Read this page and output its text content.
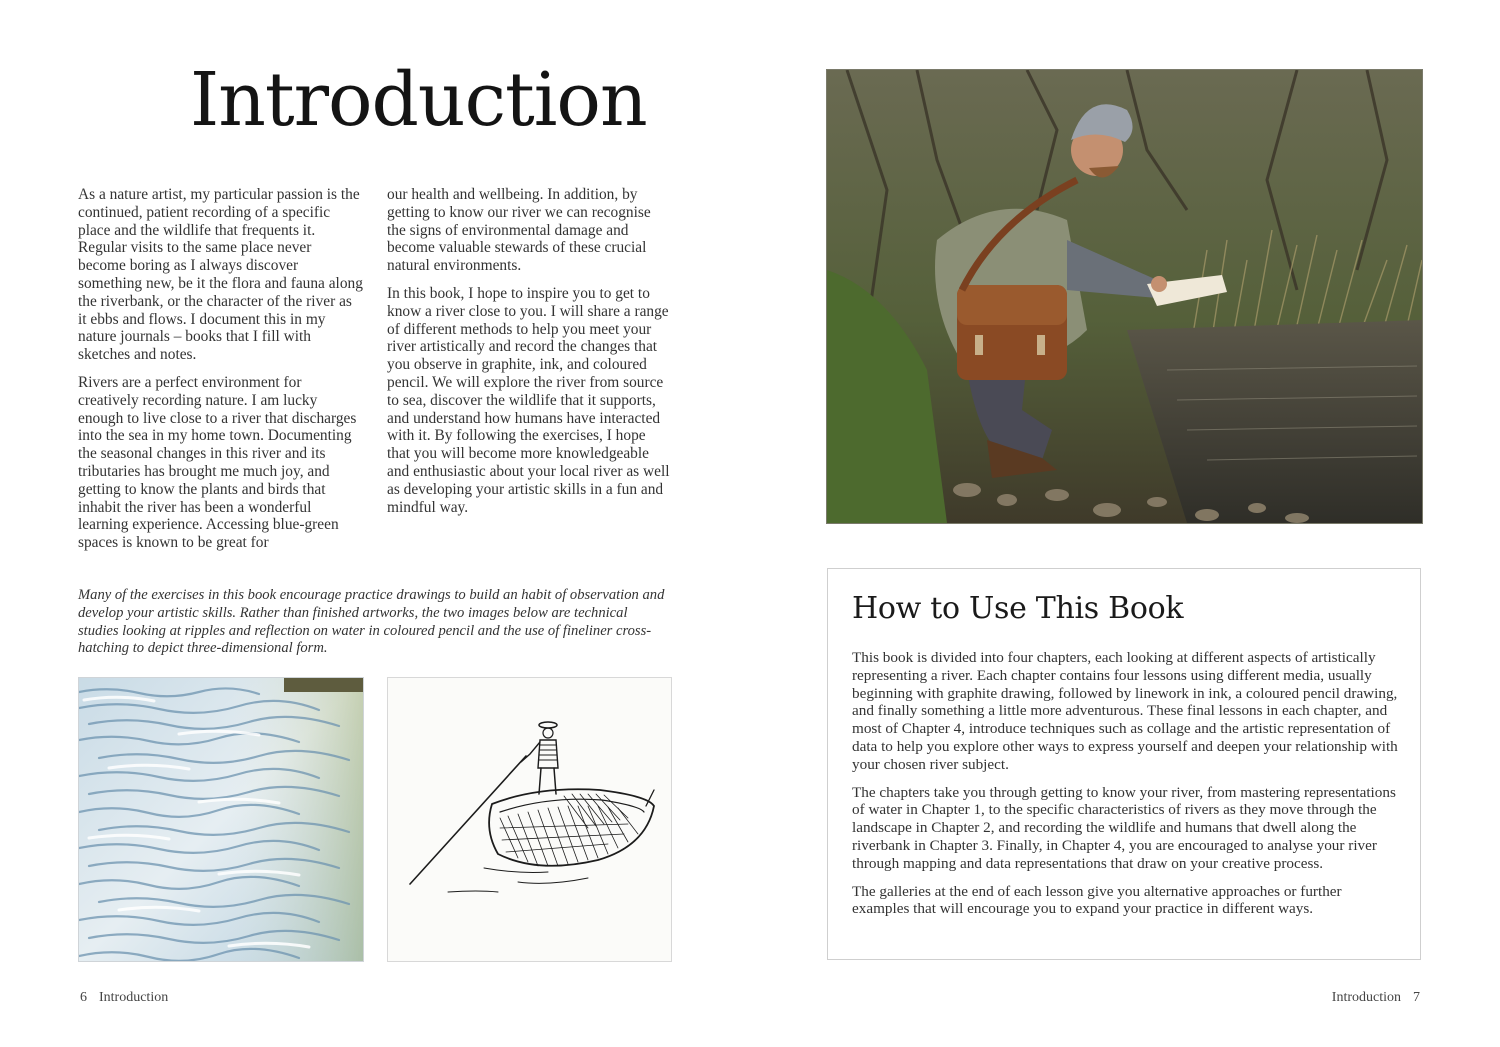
Introduction

As a nature artist, my particular passion is the continued, patient recording of a specific place and the wildlife that frequents it. Regular visits to the same place never become boring as I always discover something new, be it the flora and fauna along the riverbank, or the character of the river as it ebbs and flows. I document this in my nature journals – books that I fill with sketches and notes.

Rivers are a perfect environment for creatively recording nature. I am lucky enough to live close to a river that discharges into the sea in my home town. Documenting the seasonal changes in this river and its tributaries has brought me much joy, and getting to know the plants and birds that inhabit the river has been a wonderful learning experience. Accessing blue-green spaces is known to be great for

our health and wellbeing. In addition, by getting to know our river we can recognise the signs of environmental damage and become valuable stewards of these crucial natural environments.

In this book, I hope to inspire you to get to know a river close to you. I will share a range of different methods to help you meet your river artistically and record the changes that you observe in graphite, ink, and coloured pencil. We will explore the river from source to sea, discover the wildlife that it supports, and understand how humans have interacted with it. By following the exercises, I hope that you will become more knowledgeable and enthusiastic about your local river as well as developing your artistic skills in a fun and mindful way.

Many of the exercises in this book encourage practice drawings to build an habit of observation and develop your artistic skills. Rather than finished artworks, the two images below are technical studies looking at ripples and reflection on water in coloured pencil and the use of fineliner cross-hatching to depict three-dimensional form.

6 Introduction
How to Use This Book

This book is divided into four chapters, each looking at different aspects of artistically representing a river. Each chapter contains four lessons using different media, usually beginning with graphite drawing, followed by linework in ink, a coloured pencil drawing, and finally something a little more adventurous. These final lessons in each chapter, and most of Chapter 4, introduce techniques such as collage and the artistic representation of data to help you explore other ways to express yourself and deepen your relationship with your chosen river subject.

The chapters take you through getting to know your river, from mastering representations of water in Chapter 1, to the specific characteristics of rivers as they move through the landscape in Chapter 2, and recording the wildlife and humans that dwell along the riverbank in Chapter 3. Finally, in Chapter 4, you are encouraged to analyse your river through mapping and data representations that draw on your creative process.

The galleries at the end of each lesson give you alternative approaches or further examples that will encourage you to expand your practice in different ways.

Introduction 7
